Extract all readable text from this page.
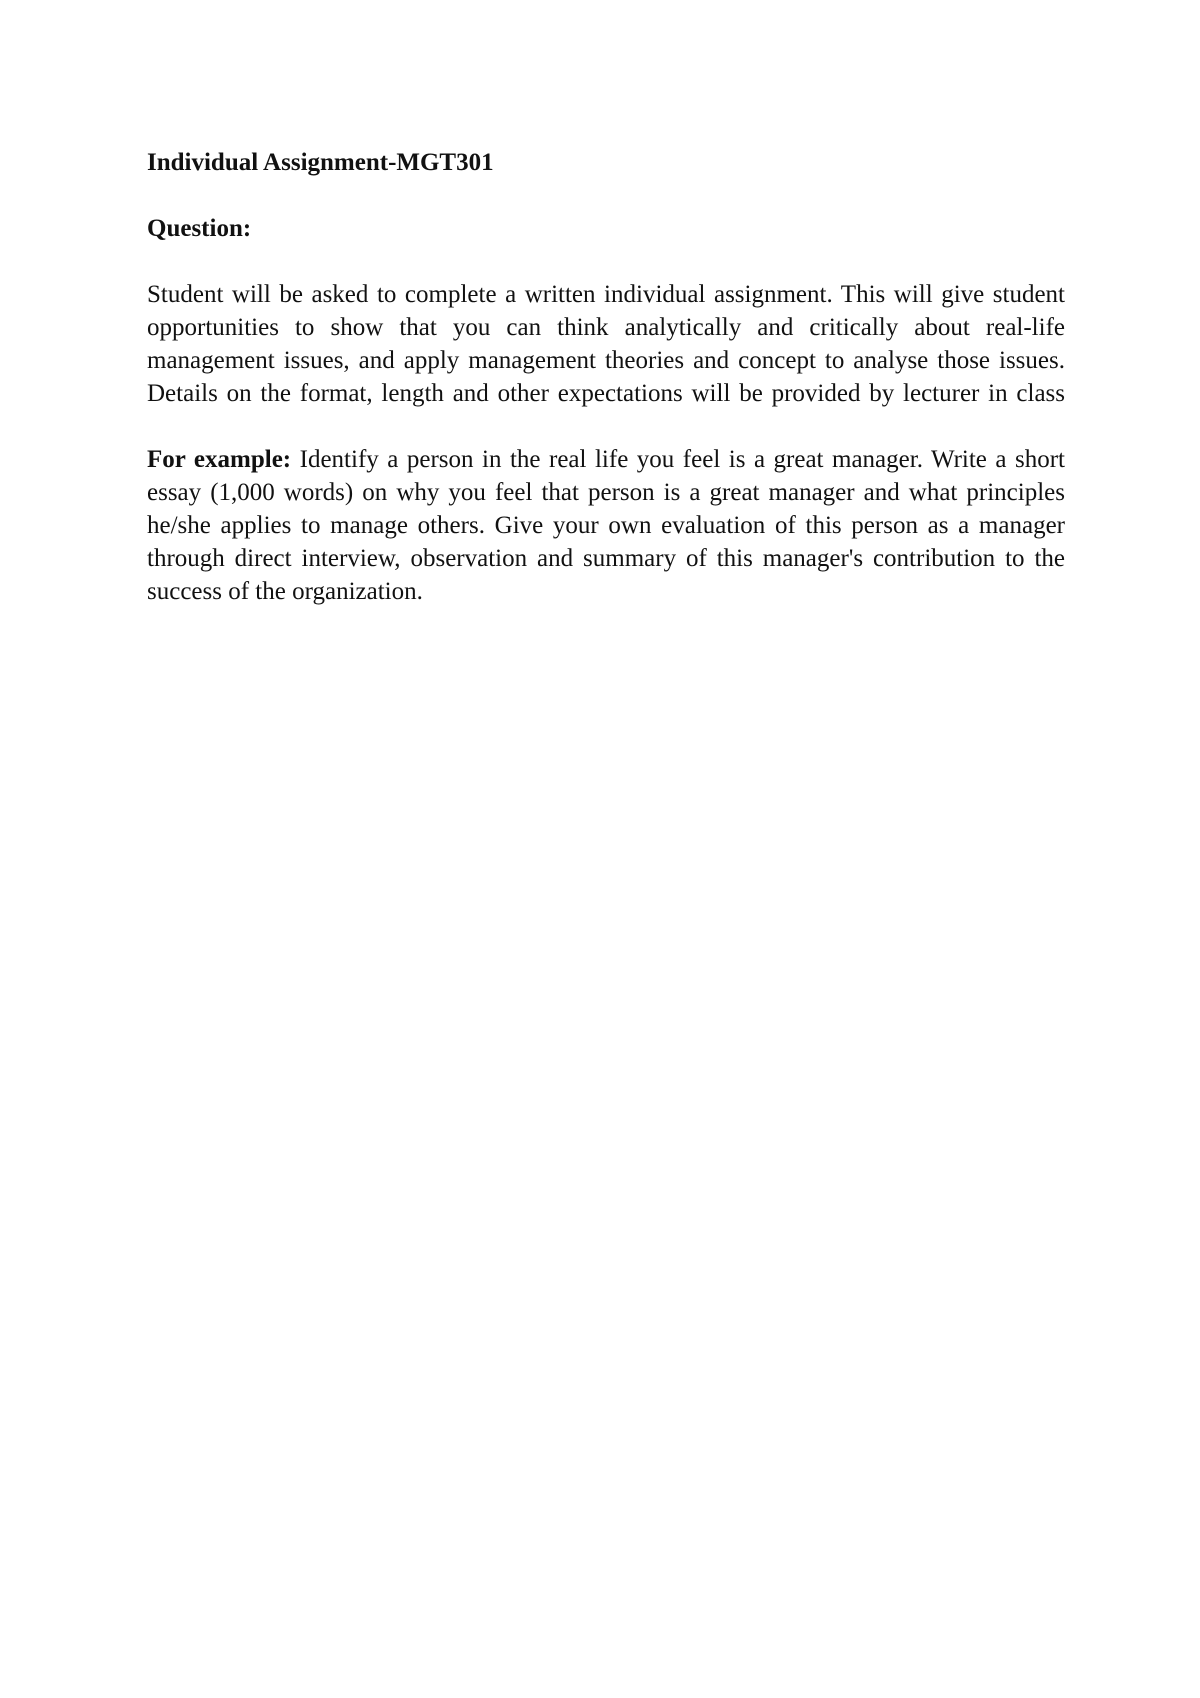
Individual Assignment-MGT301

Question:

Student will be asked to complete a written individual assignment. This will give student opportunities to show that you can think analytically and critically about real-life management issues, and apply management theories and concept to analyse those issues. Details on the format, length and other expectations will be provided by lecturer in class

For example: Identify a person in the real life you feel is a great manager. Write a short essay (1,000 words) on why you feel that person is a great manager and what principles he/she applies to manage others. Give your own evaluation of this person as a manager through direct interview, observation and summary of this manager's contribution to the success of the organization.
